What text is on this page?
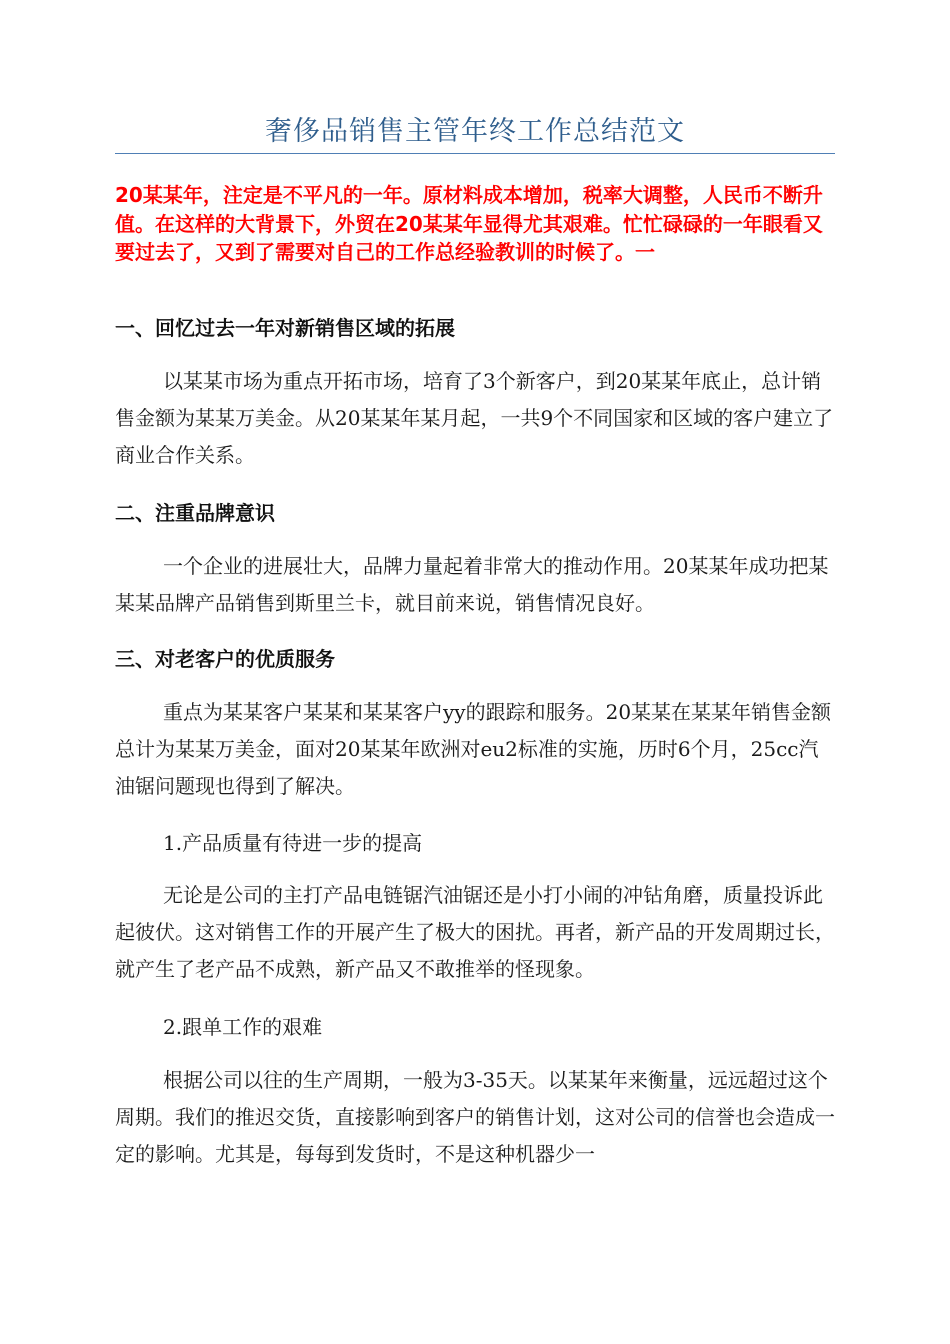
奢侈品销售主管年终工作总结范文

20某某年，注定是不平凡的一年。原材料成本增加，税率大调整，人民币不断升值。在这样的大背景下，外贸在20某某年显得尤其艰难。忙忙碌碌的一年眼看又要过去了，又到了需要对自己的工作总经验教训的时候了。一

一、回忆过去一年对新销售区域的拓展

以某某市场为重点开拓市场，培育了3个新客户，到20某某年底止，总计销售金额为某某万美金。从20某某年某月起，一共9个不同国家和区域的客户建立了商业合作关系。

二、注重品牌意识

一个企业的进展壮大，品牌力量起着非常大的推动作用。20某某年成功把某某某品牌产品销售到斯里兰卡，就目前来说，销售情况良好。

三、对老客户的优质服务

重点为某某客户某某和某某客户yy的跟踪和服务。20某某在某某年销售金额总计为某某万美金，面对20某某年欧洲对eu2标准的实施，历时6个月，25cc汽油锯问题现也得到了解决。

1.产品质量有待进一步的提高

无论是公司的主打产品电链锯汽油锯还是小打小闹的冲钻角磨，质量投诉此起彼伏。这对销售工作的开展产生了极大的困扰。再者，新产品的开发周期过长，就产生了老产品不成熟，新产品又不敢推举的怪现象。

2.跟单工作的艰难

根据公司以往的生产周期，一般为3-35天。以某某年来衡量，远远超过这个周期。我们的推迟交货，直接影响到客户的销售计划，这对公司的信誉也会造成一定的影响。尤其是，每每到发货时，不是这种机器少一
